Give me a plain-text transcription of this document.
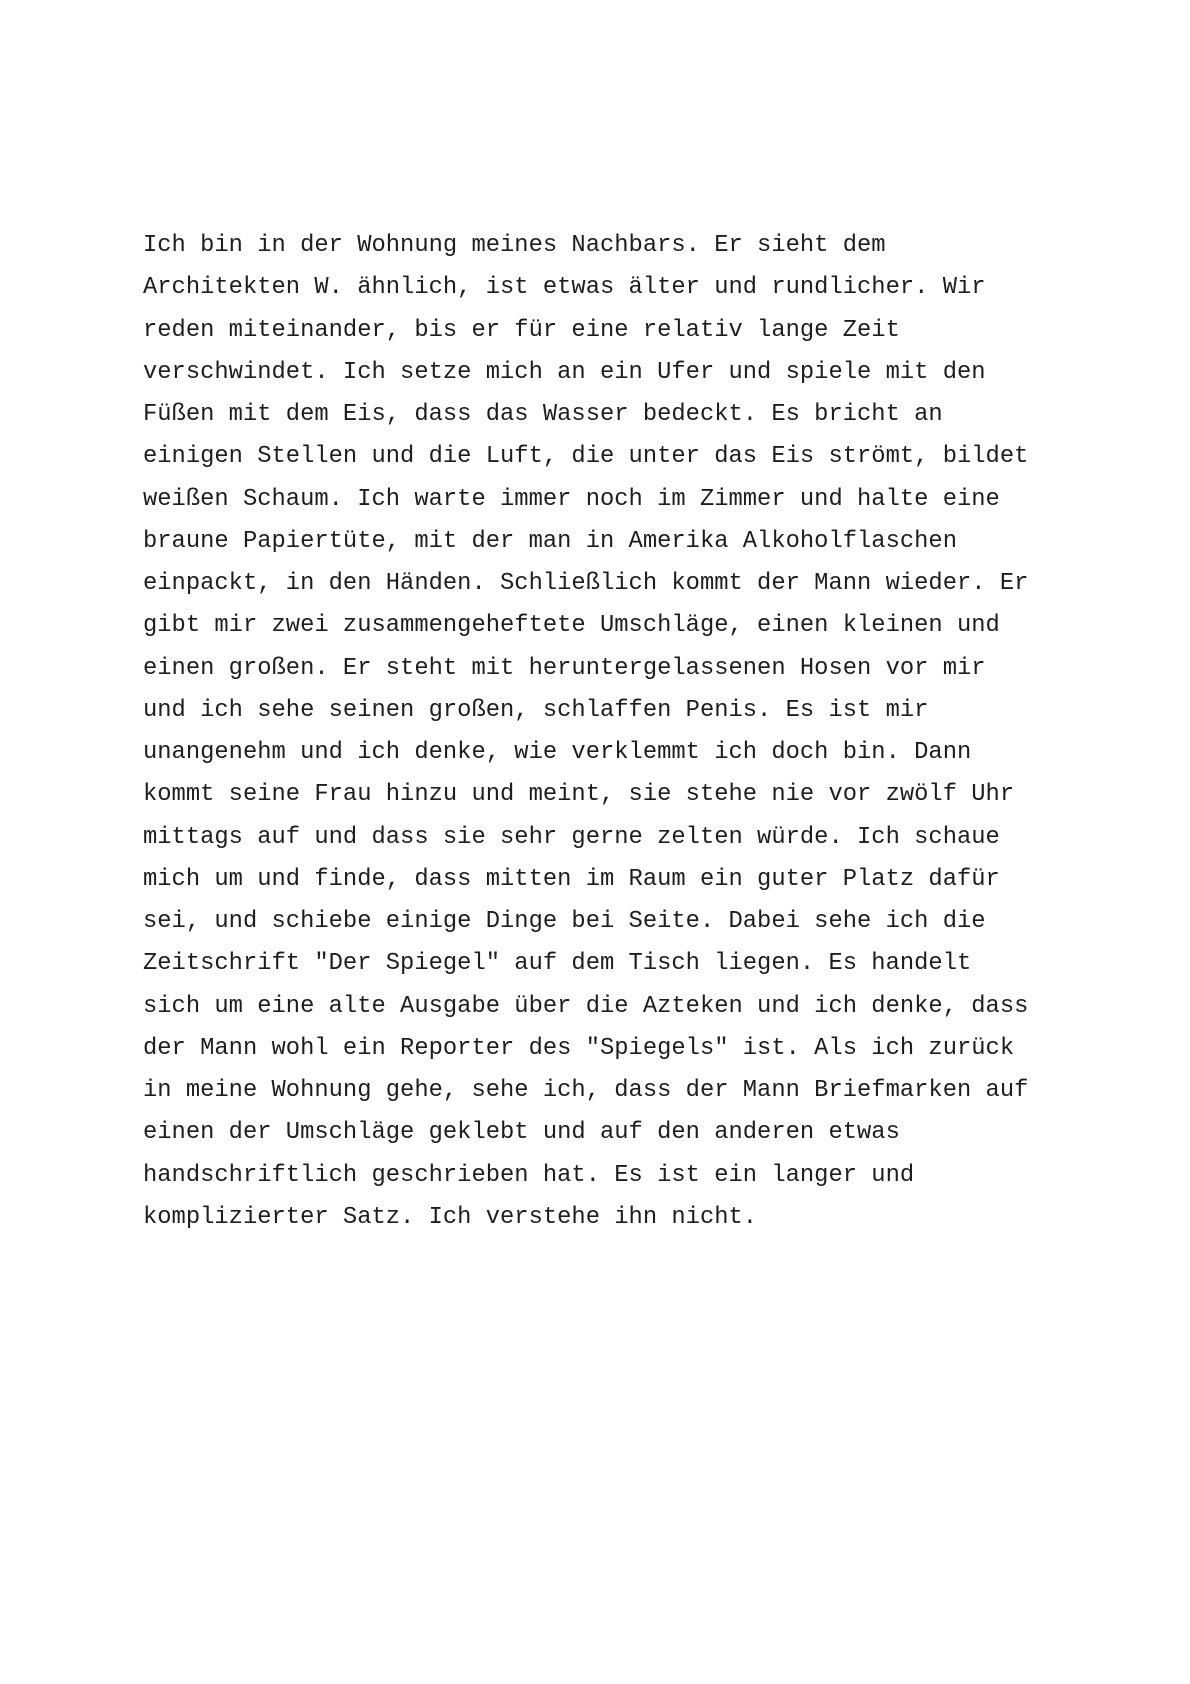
Ich bin in der Wohnung meines Nachbars. Er sieht dem
Architekten W. ähnlich, ist etwas älter und rundlicher. Wir
reden miteinander, bis er für eine relativ lange Zeit
verschwindet. Ich setze mich an ein Ufer und spiele mit den
Füßen mit dem Eis, dass das Wasser bedeckt. Es bricht an
einigen Stellen und die Luft, die unter das Eis strömt, bildet
weißen Schaum. Ich warte immer noch im Zimmer und halte eine
braune Papiertüte, mit der man in Amerika Alkoholflaschen
einpackt, in den Händen. Schließlich kommt der Mann wieder. Er
gibt mir zwei zusammengeheftete Umschläge, einen kleinen und
einen großen. Er steht mit heruntergelassenen Hosen vor mir
und ich sehe seinen großen, schlaffen Penis. Es ist mir
unangenehm und ich denke, wie verklemmt ich doch bin. Dann
kommt seine Frau hinzu und meint, sie stehe nie vor zwölf Uhr
mittags auf und dass sie sehr gerne zelten würde. Ich schaue
mich um und finde, dass mitten im Raum ein guter Platz dafür
sei, und schiebe einige Dinge bei Seite. Dabei sehe ich die
Zeitschrift "Der Spiegel" auf dem Tisch liegen. Es handelt
sich um eine alte Ausgabe über die Azteken und ich denke, dass
der Mann wohl ein Reporter des "Spiegels" ist. Als ich zurück
in meine Wohnung gehe, sehe ich, dass der Mann Briefmarken auf
einen der Umschläge geklebt und auf den anderen etwas
handschriftlich geschrieben hat. Es ist ein langer und
komplizierter Satz. Ich verstehe ihn nicht.
